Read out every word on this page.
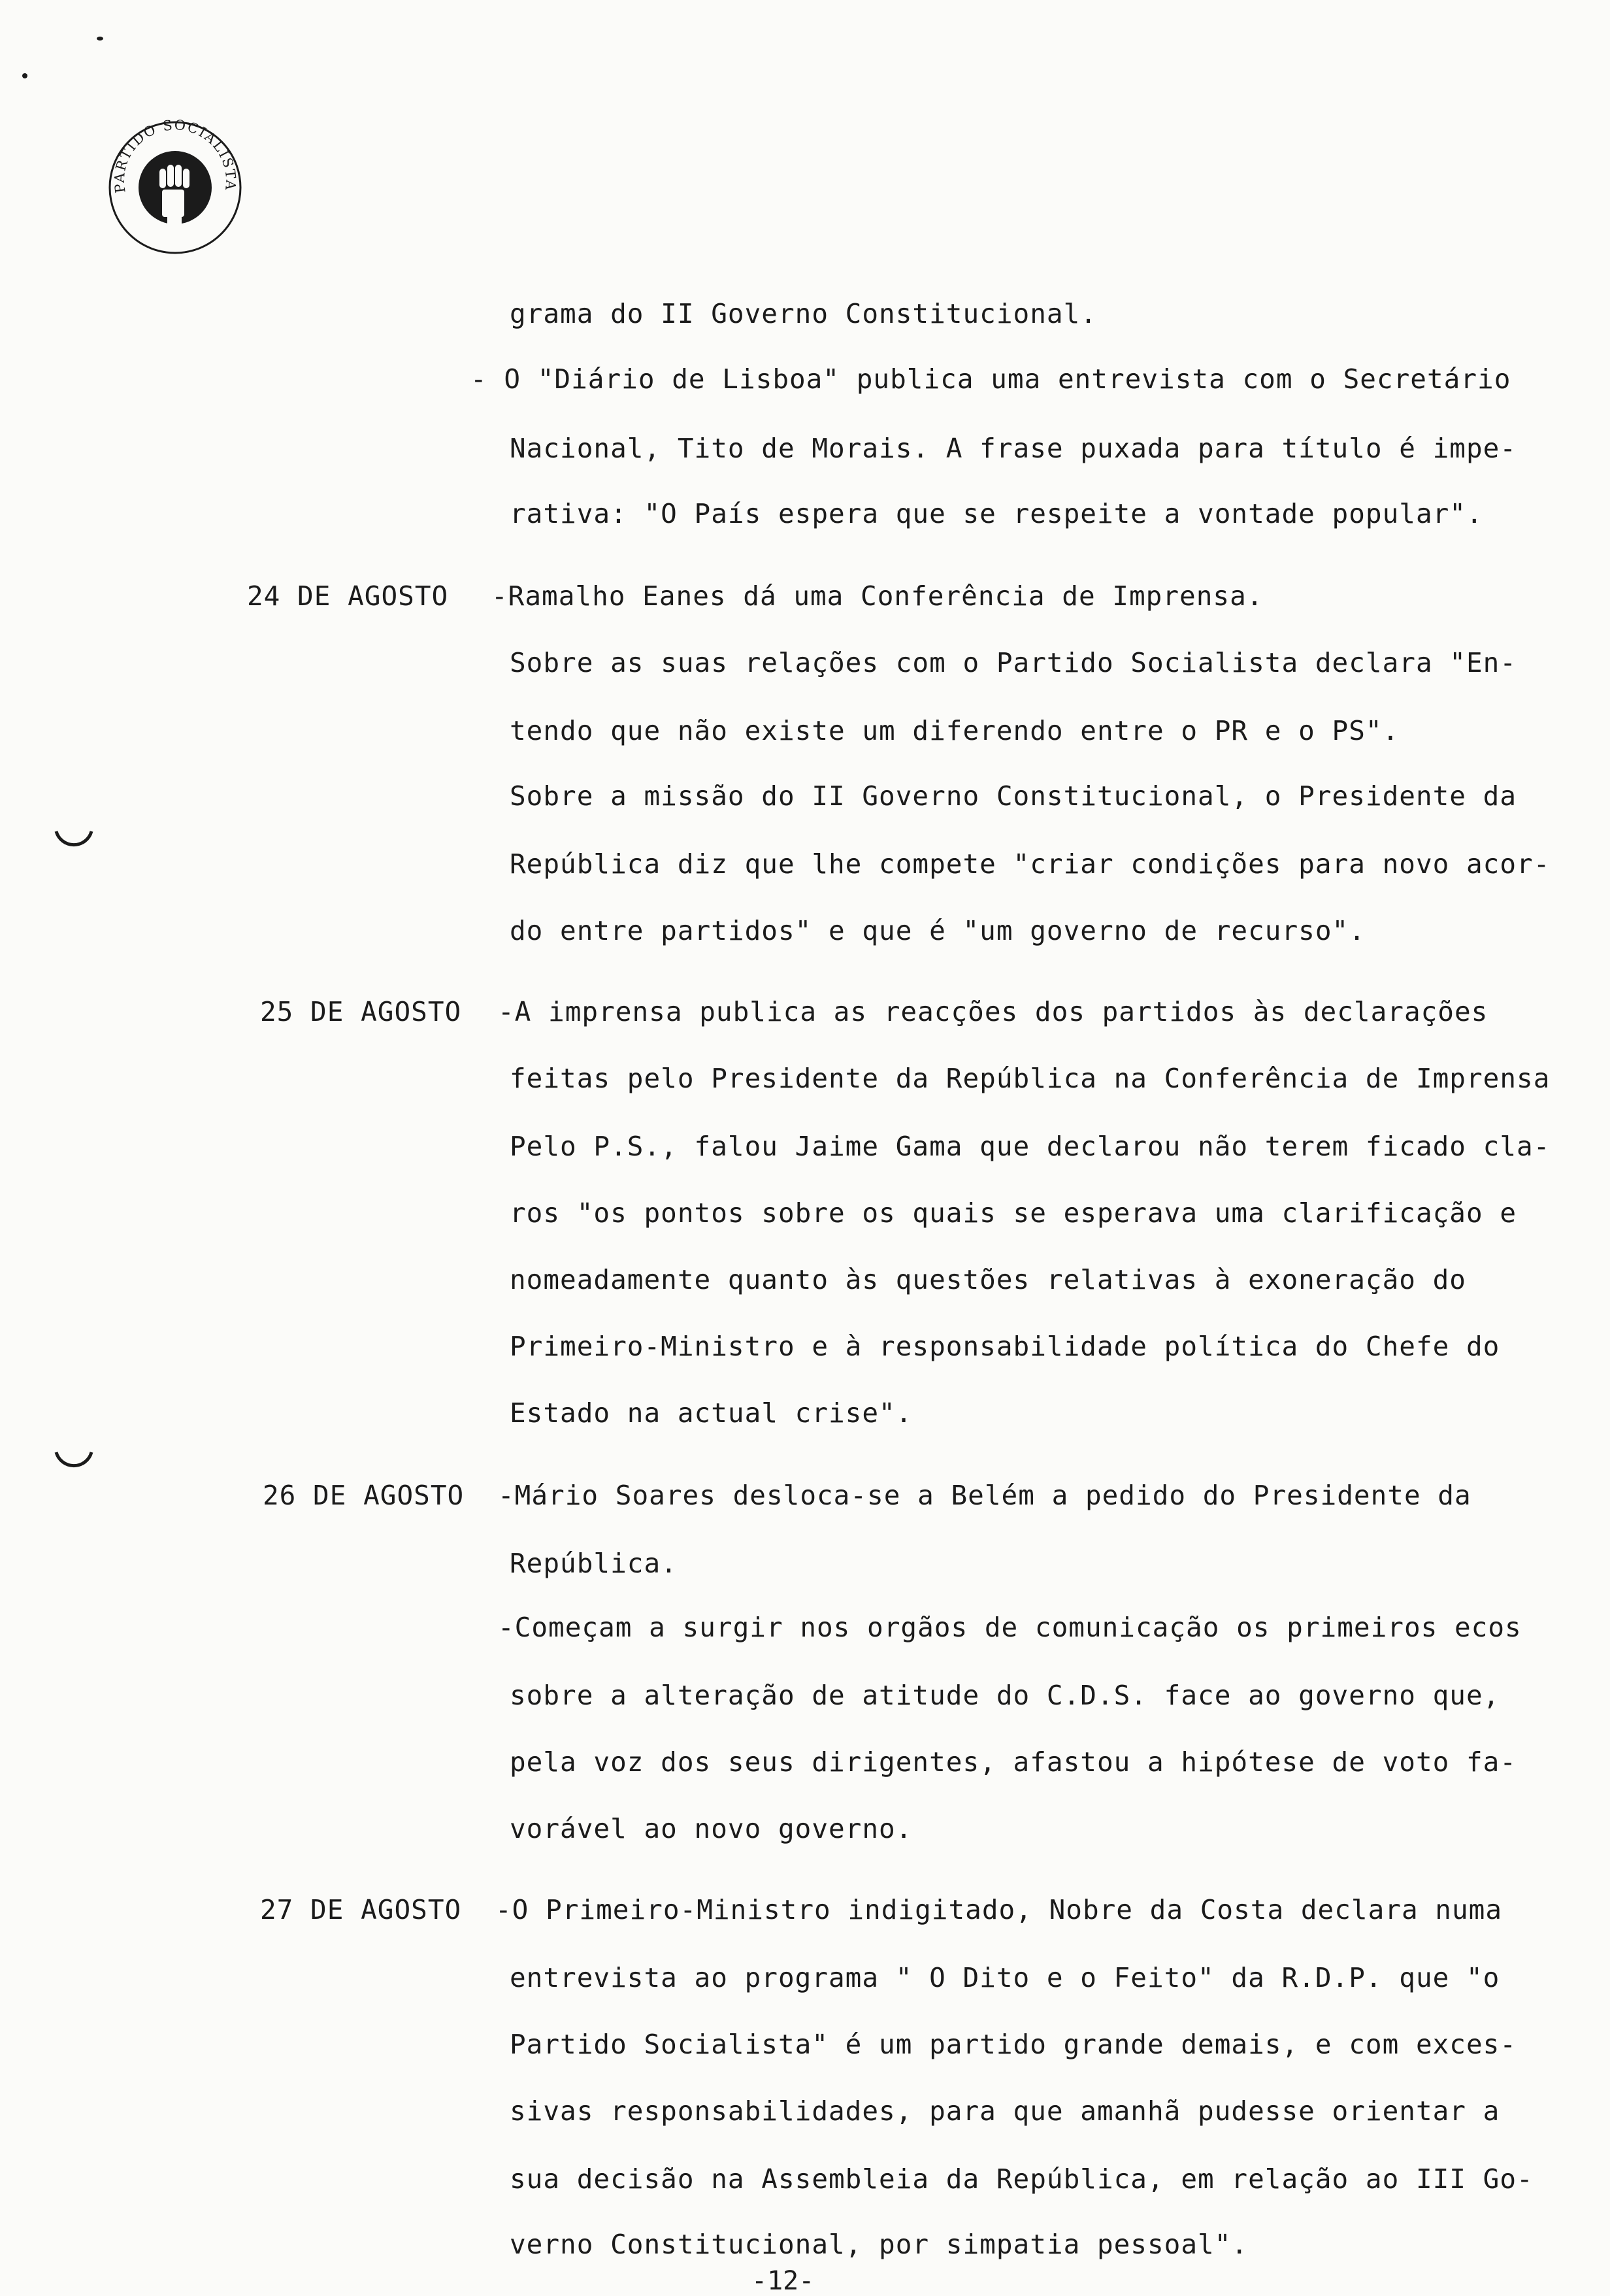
PARTIDO SOCIALISTA
grama do II Governo Constitucional.
- O "Diário de Lisboa" publica uma entrevista com o Secretário
Nacional, Tito de Morais. A frase puxada para título é impe-
rativa: "O País espera que se respeite a vontade popular".
24 DE AGOSTO -Ramalho Eanes dá uma Conferência de Imprensa.
Sobre as suas relações com o Partido Socialista declara "En-
tendo que não existe um diferendo entre o PR e o PS".
Sobre a missão do II Governo Constitucional, o Presidente da
República diz que lhe compete "criar condições para novo acor-
do entre partidos" e que é "um governo de recurso".
25 DE AGOSTO -A imprensa publica as reacções dos partidos às declarações
feitas pelo Presidente da República na Conferência de Imprensa
Pelo P.S., falou Jaime Gama que declarou não terem ficado cla-
ros "os pontos sobre os quais se esperava uma clarificação e
nomeadamente quanto às questões relativas à exoneração do
Primeiro-Ministro e à responsabilidade política do Chefe do
Estado na actual crise".
26 DE AGOSTO -Mário Soares desloca-se a Belém a pedido do Presidente da
República.
-Começam a surgir nos orgãos de comunicação os primeiros ecos
sobre a alteração de atitude do C.D.S. face ao governo que,
pela voz dos seus dirigentes, afastou a hipótese de voto fa-
vorável ao novo governo.
27 DE AGOSTO -O Primeiro-Ministro indigitado, Nobre da Costa declara numa
entrevista ao programa " O Dito e o Feito" da R.D.P. que "o
Partido Socialista" é um partido grande demais, e com exces-
sivas responsabilidades, para que amanhã pudesse orientar a
sua decisão na Assembleia da República, em relação ao III Go-
verno Constitucional, por simpatia pessoal".
-12-
